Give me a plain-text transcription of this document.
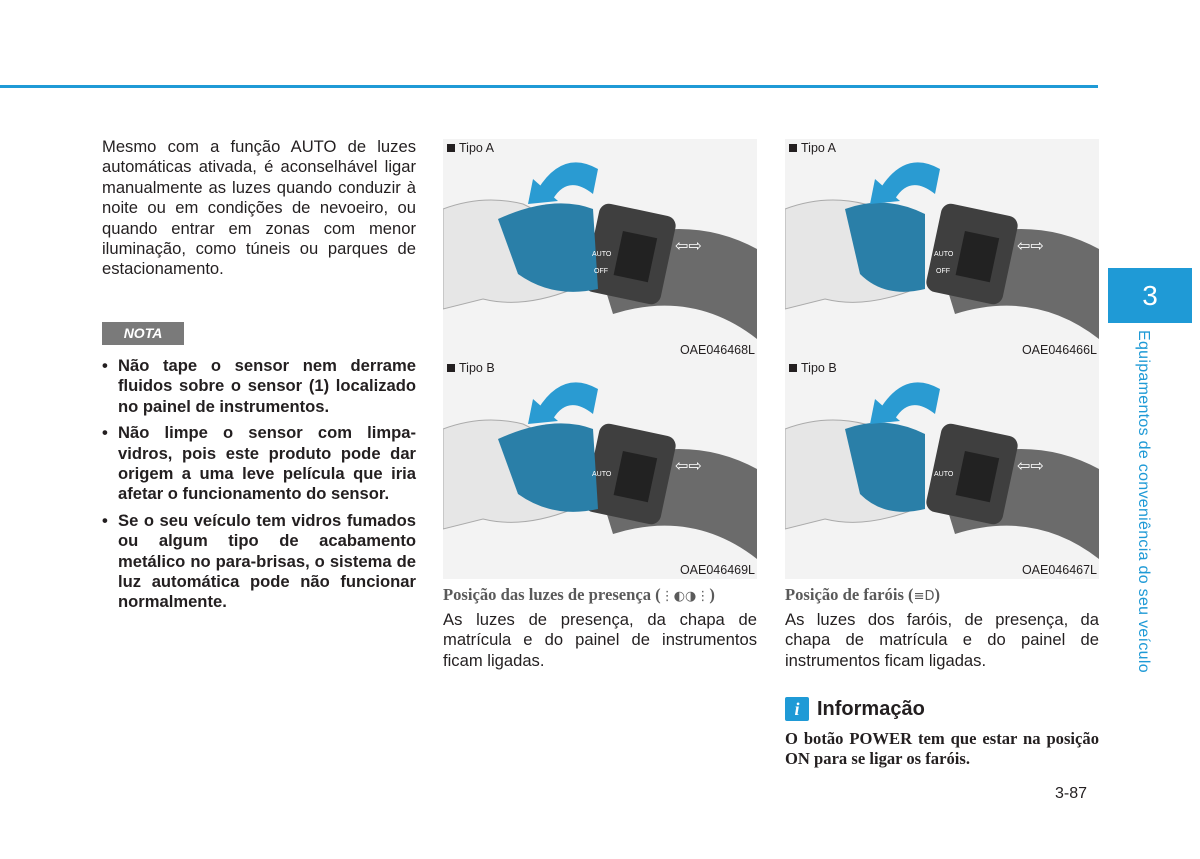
Mesmo com a função AUTO de luzes automáticas ativada, é aconselhável ligar manualmente as luzes quando conduzir à noite ou em condições de nevoeiro, ou quando entrar em zonas com menor iluminação, como túneis ou parques de estacionamento.

NOTA
• Não tape o sensor nem derrame fluidos sobre o sensor (1) localizado no painel de instrumentos.
• Não limpe o sensor com limpa-vidros, pois este produto pode dar origem a uma leve película que iria afetar o funcionamento do sensor.
• Se o seu veículo tem vidros fumados ou algum tipo de acabamento metálico no para-brisas, o sistema de luz automática pode não funcionar normalmente.
AUTO
OFF
⇦⇨
Tipo A
OAE046468L
AUTO	⇦⇨
Tipo B
OAE046469L
AUTO
OFF
⇦⇨
Tipo A
OAE046466L
AUTO	⇦⇨
Tipo B
OAE046467L

Posição das luzes de presença (⋮◐◑⋮)

As luzes de presença, da chapa de matrícula e do painel de instrumentos ficam ligadas.

Posição de faróis (≡D)

As luzes dos faróis, de presença, da chapa de matrícula e do painel de instrumentos ficam ligadas.

i Informação

O botão POWER tem que estar na posição ON para se ligar os faróis.

3-87
3
Equipamentos de conveniência do seu veículo
